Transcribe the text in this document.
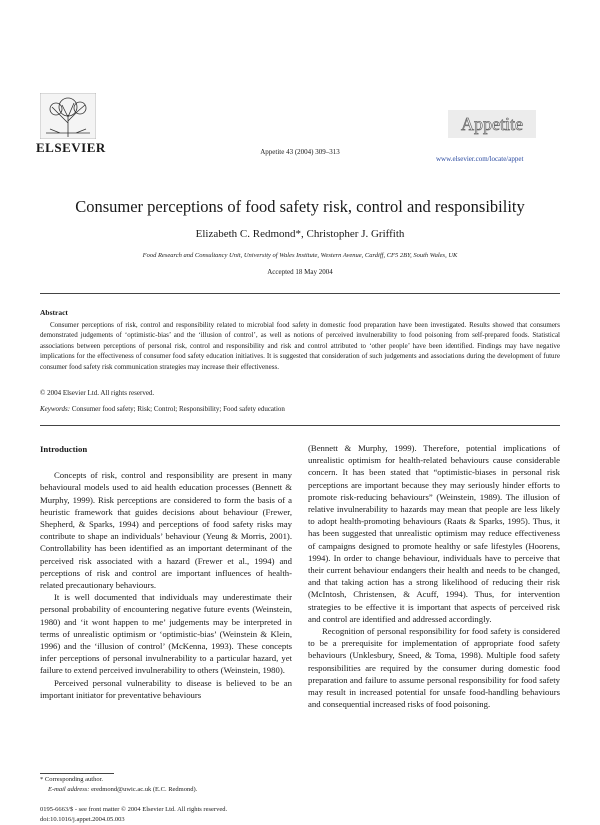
ELSEVIER	Appetite 43 (2004) 309–313
Appetite
www.elsevier.com/locate/appet
Consumer perceptions of food safety risk, control and responsibility
Elizabeth C. Redmond*, Christopher J. Griffith
Food Research and Consultancy Unit, University of Wales Institute, Western Avenue, Cardiff, CF5 2BY, South Wales, UK
Accepted 18 May 2004
Abstract
Consumer perceptions of risk, control and responsibility related to microbial food safety in domestic food preparation have been investigated. Results showed that consumers demonstrated judgements of ‘optimistic-bias’ and the ‘illusion of control’, as well as notions of perceived invulnerability to food poisoning from self-prepared foods. Statistical associations between perceptions of personal risk, control and responsibility and risk and control attributed to ‘other people’ have been identified. Findings may have negative implications for the effectiveness of consumer food safety education initiatives. It is suggested that consideration of such judgements and associations during the development of future consumer food safety risk communication strategies may increase their effectiveness.
© 2004 Elsevier Ltd. All rights reserved.
Keywords: Consumer food safety; Risk; Control; Responsibility; Food safety education
Introduction

Concepts of risk, control and responsibility are present in many behavioural models used to aid health education processes (Bennett & Murphy, 1999). Risk perceptions are considered to form the basis of a heuristic framework that guides decisions about behaviour (Frewer, Shepherd, & Sparks, 1994) and perceptions of food safety risks may contribute to shape an individuals’ behaviour (Yeung & Morris, 2001). Controllability has been identified as an important determinant of the perceived risk associated with a hazard (Frewer et al., 1994) and perceptions of risk and control are important influences of health-related precautionary behaviours.

It is well documented that individuals may underestimate their personal probability of encountering negative future events (Weinstein, 1980) and ‘it wont happen to me’ judgements may be interpreted in terms of unrealistic optimism or ‘optimistic-bias’ (Weinstein & Klein, 1996) and the ‘illusion of control’ (McKenna, 1993). These concepts infer perceptions of personal invulnerability to a particular hazard, yet failure to extend perceived invulnerability to others (Weinstein, 1980).

Perceived personal vulnerability to disease is believed to be an important initiator for preventative behaviours

(Bennett & Murphy, 1999). Therefore, potential implications of unrealistic optimism for health-related behaviours cause considerable concern. It has been stated that “optimistic-biases in personal risk perceptions are important because they may seriously hinder efforts to promote risk-reducing behaviours” (Weinstein, 1989). The illusion of relative invulnerability to hazards may mean that people are less likely to adopt health-promoting behaviours (Raats & Sparks, 1995). Thus, it has been suggested that unrealistic optimism may reduce effectiveness of campaigns designed to promote healthy or safe lifestyles (Hoorens, 1994). In order to change behaviour, individuals have to perceive that their current behaviour endangers their health and needs to be changed, and that taking action has a strong likelihood of reducing their risk (McIntosh, Christensen, & Acuff, 1994). Thus, for intervention strategies to be effective it is important that aspects of perceived risk and control are identified and addressed accordingly.

Recognition of personal responsibility for food safety is considered to be a prerequisite for implementation of appropriate food safety behaviours (Unklesbury, Sneed, & Toma, 1998). Multiple food safety responsibilities are required by the consumer during domestic food preparation and failure to assume personal responsibility for food safety may result in increased potential for unsafe food-handling behaviours and consequential increased risks of food poisoning.

* Corresponding author.
E-mail address: eredmond@uwic.ac.uk (E.C. Redmond).
0195-6663/$ - see front matter © 2004 Elsevier Ltd. All rights reserved.
doi:10.1016/j.appet.2004.05.003
